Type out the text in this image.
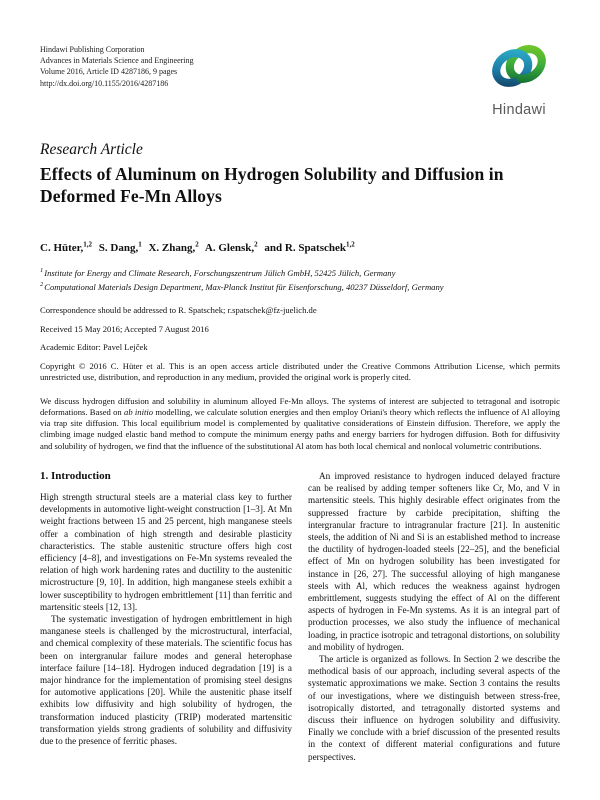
Hindawi Publishing Corporation
Advances in Materials Science and Engineering
Volume 2016, Article ID 4287186, 9 pages
http://dx.doi.org/10.1155/2016/4287186
Hindawi
Research Article
Effects of Aluminum on Hydrogen Solubility and Diffusion in Deformed Fe-Mn Alloys
C. Hüter,$^{1,2}$ S. Dang,$^1$ X. Zhang,$^2$ A. Glensk,$^2$ and R. Spatschek$^{1,2}$
$^1$Institute for Energy and Climate Research, Forschungszentrum Jülich GmbH, 52425 Jülich, Germany
$^2$Computational Materials Design Department, Max-Planck Institut für Eisenforschung, 40237 Düsseldorf, Germany
Correspondence should be addressed to R. Spatschek; r.spatschek@fz-juelich.de
Received 15 May 2016; Accepted 7 August 2016
Academic Editor: Pavel Lejček

Copyright © 2016 C. Hüter et al. This is an open access article distributed under the Creative Commons Attribution License, which permits unrestricted use, distribution, and reproduction in any medium, provided the original work is properly cited.

We discuss hydrogen diffusion and solubility in aluminum alloyed Fe-Mn alloys. The systems of interest are subjected to tetragonal and isotropic deformations. Based on ab initio modelling, we calculate solution energies and then employ Oriani's theory which reflects the influence of Al alloying via trap site diffusion. This local equilibrium model is complemented by qualitative considerations of Einstein diffusion. Therefore, we apply the climbing image nudged elastic band method to compute the minimum energy paths and energy barriers for hydrogen diffusion. Both for diffusivity and solubility of hydrogen, we find that the influence of the substitutional Al atom has both local chemical and nonlocal volumetric contributions.

1. Introduction

High strength structural steels are a material class key to further developments in automotive light-weight construction [1–3]. At Mn weight fractions between 15 and 25 percent, high manganese steels offer a combination of high strength and desirable plasticity characteristics. The stable austenitic structure offers high cost efficiency [4–8], and investigations on Fe-Mn systems revealed the relation of high work hardening rates and ductility to the austenitic microstructure [9, 10]. In addition, high manganese steels exhibit a lower susceptibility to hydrogen embrittlement [11] than ferritic and martensitic steels [12, 13].

The systematic investigation of hydrogen embrittlement in high manganese steels is challenged by the microstructural, interfacial, and chemical complexity of these materials. The scientific focus has been on intergranular failure modes and general heterophase interface failure [14–18]. Hydrogen induced degradation [19] is a major hindrance for the implementation of promising steel designs for automotive applications [20]. While the austenitic phase itself exhibits low diffusivity and high solubility of hydrogen, the transformation induced plasticity (TRIP) moderated martensitic transformation yields strong gradients of solubility and diffusivity due to the presence of ferritic phases.

An improved resistance to hydrogen induced delayed fracture can be realised by adding temper softeners like Cr, Mo, and V in martensitic steels. This highly desirable effect originates from the suppressed fracture by carbide precipitation, shifting the intergranular fracture to intragranular fracture [21]. In austenitic steels, the addition of Ni and Si is an established method to increase the ductility of hydrogen-loaded steels [22–25], and the beneficial effect of Mn on hydrogen solubility has been investigated for instance in [26, 27]. The successful alloying of high manganese steels with Al, which reduces the weakness against hydrogen embrittlement, suggests studying the effect of Al on the different aspects of hydrogen in Fe-Mn systems. As it is an integral part of production processes, we also study the influence of mechanical loading, in practice isotropic and tetragonal distortions, on solubility and mobility of hydrogen.

The article is organized as follows. In Section 2 we describe the methodical basis of our approach, including several aspects of the systematic approximations we make. Section 3 contains the results of our investigations, where we distinguish between stress-free, isotropically distorted, and tetragonally distorted systems and discuss their influence on hydrogen solubility and diffusivity. Finally we conclude with a brief discussion of the presented results in the context of different material configurations and future perspectives.
